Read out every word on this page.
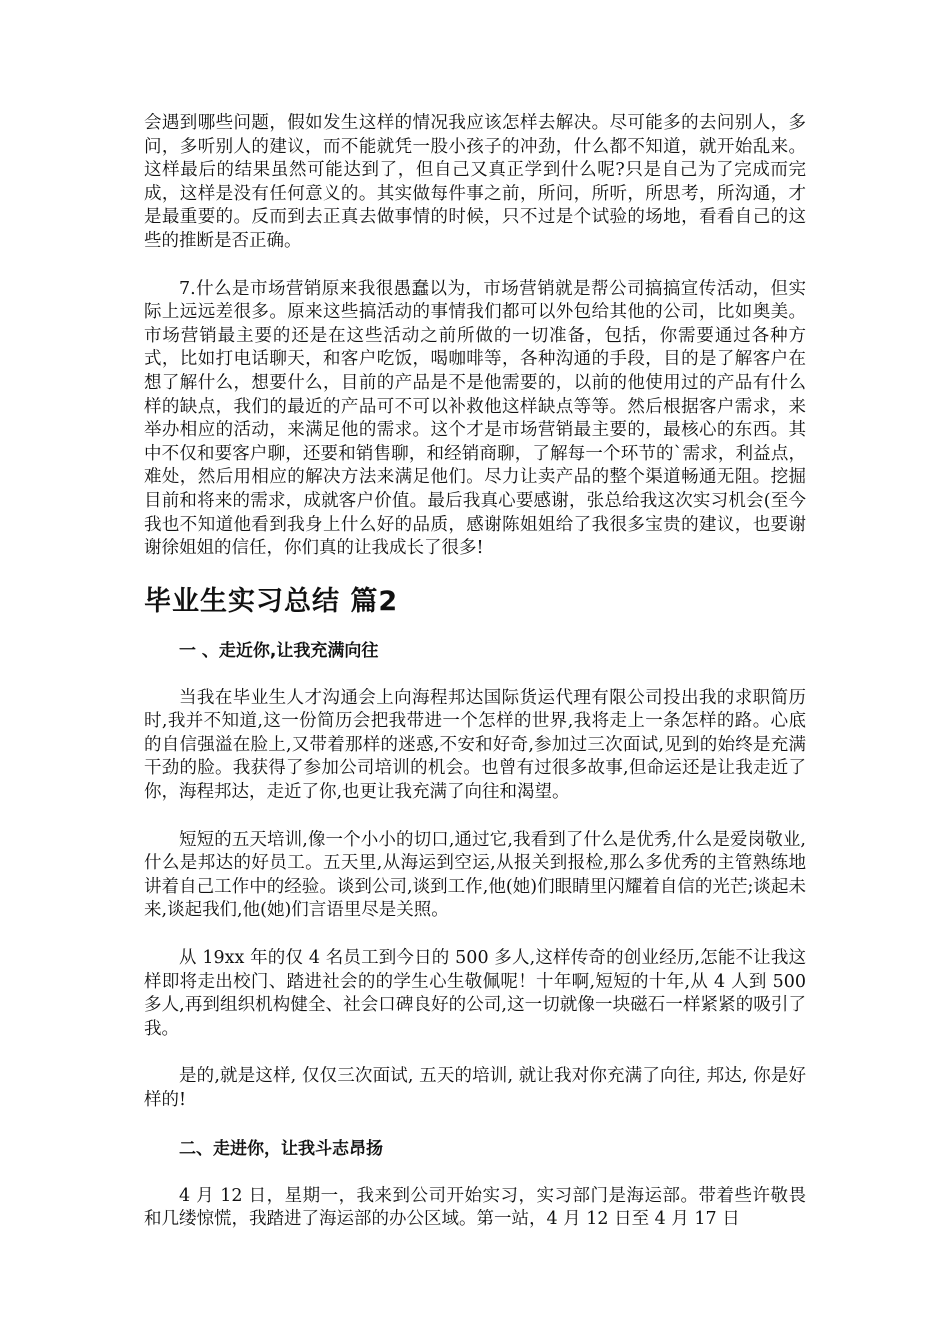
会遇到哪些问题，假如发生这样的情况我应该怎样去解决。尽可能多的去问别人，多问，多听别人的建议，而不能就凭一股小孩子的冲劲，什么都不知道，就开始乱来。这样最后的结果虽然可能达到了，但自己又真正学到什么呢?只是自己为了完成而完成，这样是没有任何意义的。其实做每件事之前，所问，所听，所思考，所沟通，才是最重要的。反而到去正真去做事情的时候，只不过是个试验的场地，看看自己的这些的推断是否正确。

7.什么是市场营销原来我很愚蠢以为，市场营销就是帮公司搞搞宣传活动，但实际上远远差很多。原来这些搞活动的事情我们都可以外包给其他的公司，比如奥美。市场营销最主要的还是在这些活动之前所做的一切准备，包括，你需要通过各种方式，比如打电话聊天，和客户吃饭，喝咖啡等，各种沟通的手段，目的是了解客户在想了解什么，想要什么，目前的产品是不是他需要的，以前的他使用过的产品有什么样的缺点，我们的最近的产品可不可以补救他这样缺点等等。然后根据客户需求，来举办相应的活动，来满足他的需求。这个才是市场营销最主要的，最核心的东西。其中不仅和要客户聊，还要和销售聊，和经销商聊，了解每一个环节的`需求，利益点，难处，然后用相应的解决方法来满足他们。尽力让卖产品的整个渠道畅通无阻。挖掘目前和将来的需求，成就客户价值。最后我真心要感谢，张总给我这次实习机会(至今我也不知道他看到我身上什么好的品质，感谢陈姐姐给了我很多宝贵的建议，也要谢谢徐姐姐的信任，你们真的让我成长了很多!

毕业生实习总结 篇2

一 、走近你,让我充满向往

当我在毕业生人才沟通会上向海程邦达国际货运代理有限公司投出我的求职简历时,我并不知道,这一份简历会把我带进一个怎样的世界,我将走上一条怎样的路。心底的自信强溢在脸上,又带着那样的迷惑,不安和好奇,参加过三次面试,见到的始终是充满干劲的脸。我获得了参加公司培训的机会。也曾有过很多故事,但命运还是让我走近了你，海程邦达，走近了你,也更让我充满了向往和渴望。

短短的五天培训,像一个小小的切口,通过它,我看到了什么是优秀,什么是爱岗敬业,什么是邦达的好员工。五天里,从海运到空运,从报关到报检,那么多优秀的主管熟练地讲着自己工作中的经验。谈到公司,谈到工作,他(她)们眼睛里闪耀着自信的光芒;谈起未来,谈起我们,他(她)们言语里尽是关照。

从 19xx 年的仅 4 名员工到今日的 500 多人,这样传奇的创业经历,怎能不让我这样即将走出校门、踏进社会的的学生心生敬佩呢！十年啊,短短的十年,从 4 人到 500 多人,再到组织机构健全、社会口碑良好的公司,这一切就像一块磁石一样紧紧的吸引了我。

是的,就是这样, 仅仅三次面试, 五天的培训, 就让我对你充满了向往, 邦达, 你是好样的!

二、走进你，让我斗志昂扬

4 月 12 日，星期一，我来到公司开始实习，实习部门是海运部。带着些许敬畏和几缕惊慌，我踏进了海运部的办公区域。第一站，4 月 12 日至 4 月 17 日
